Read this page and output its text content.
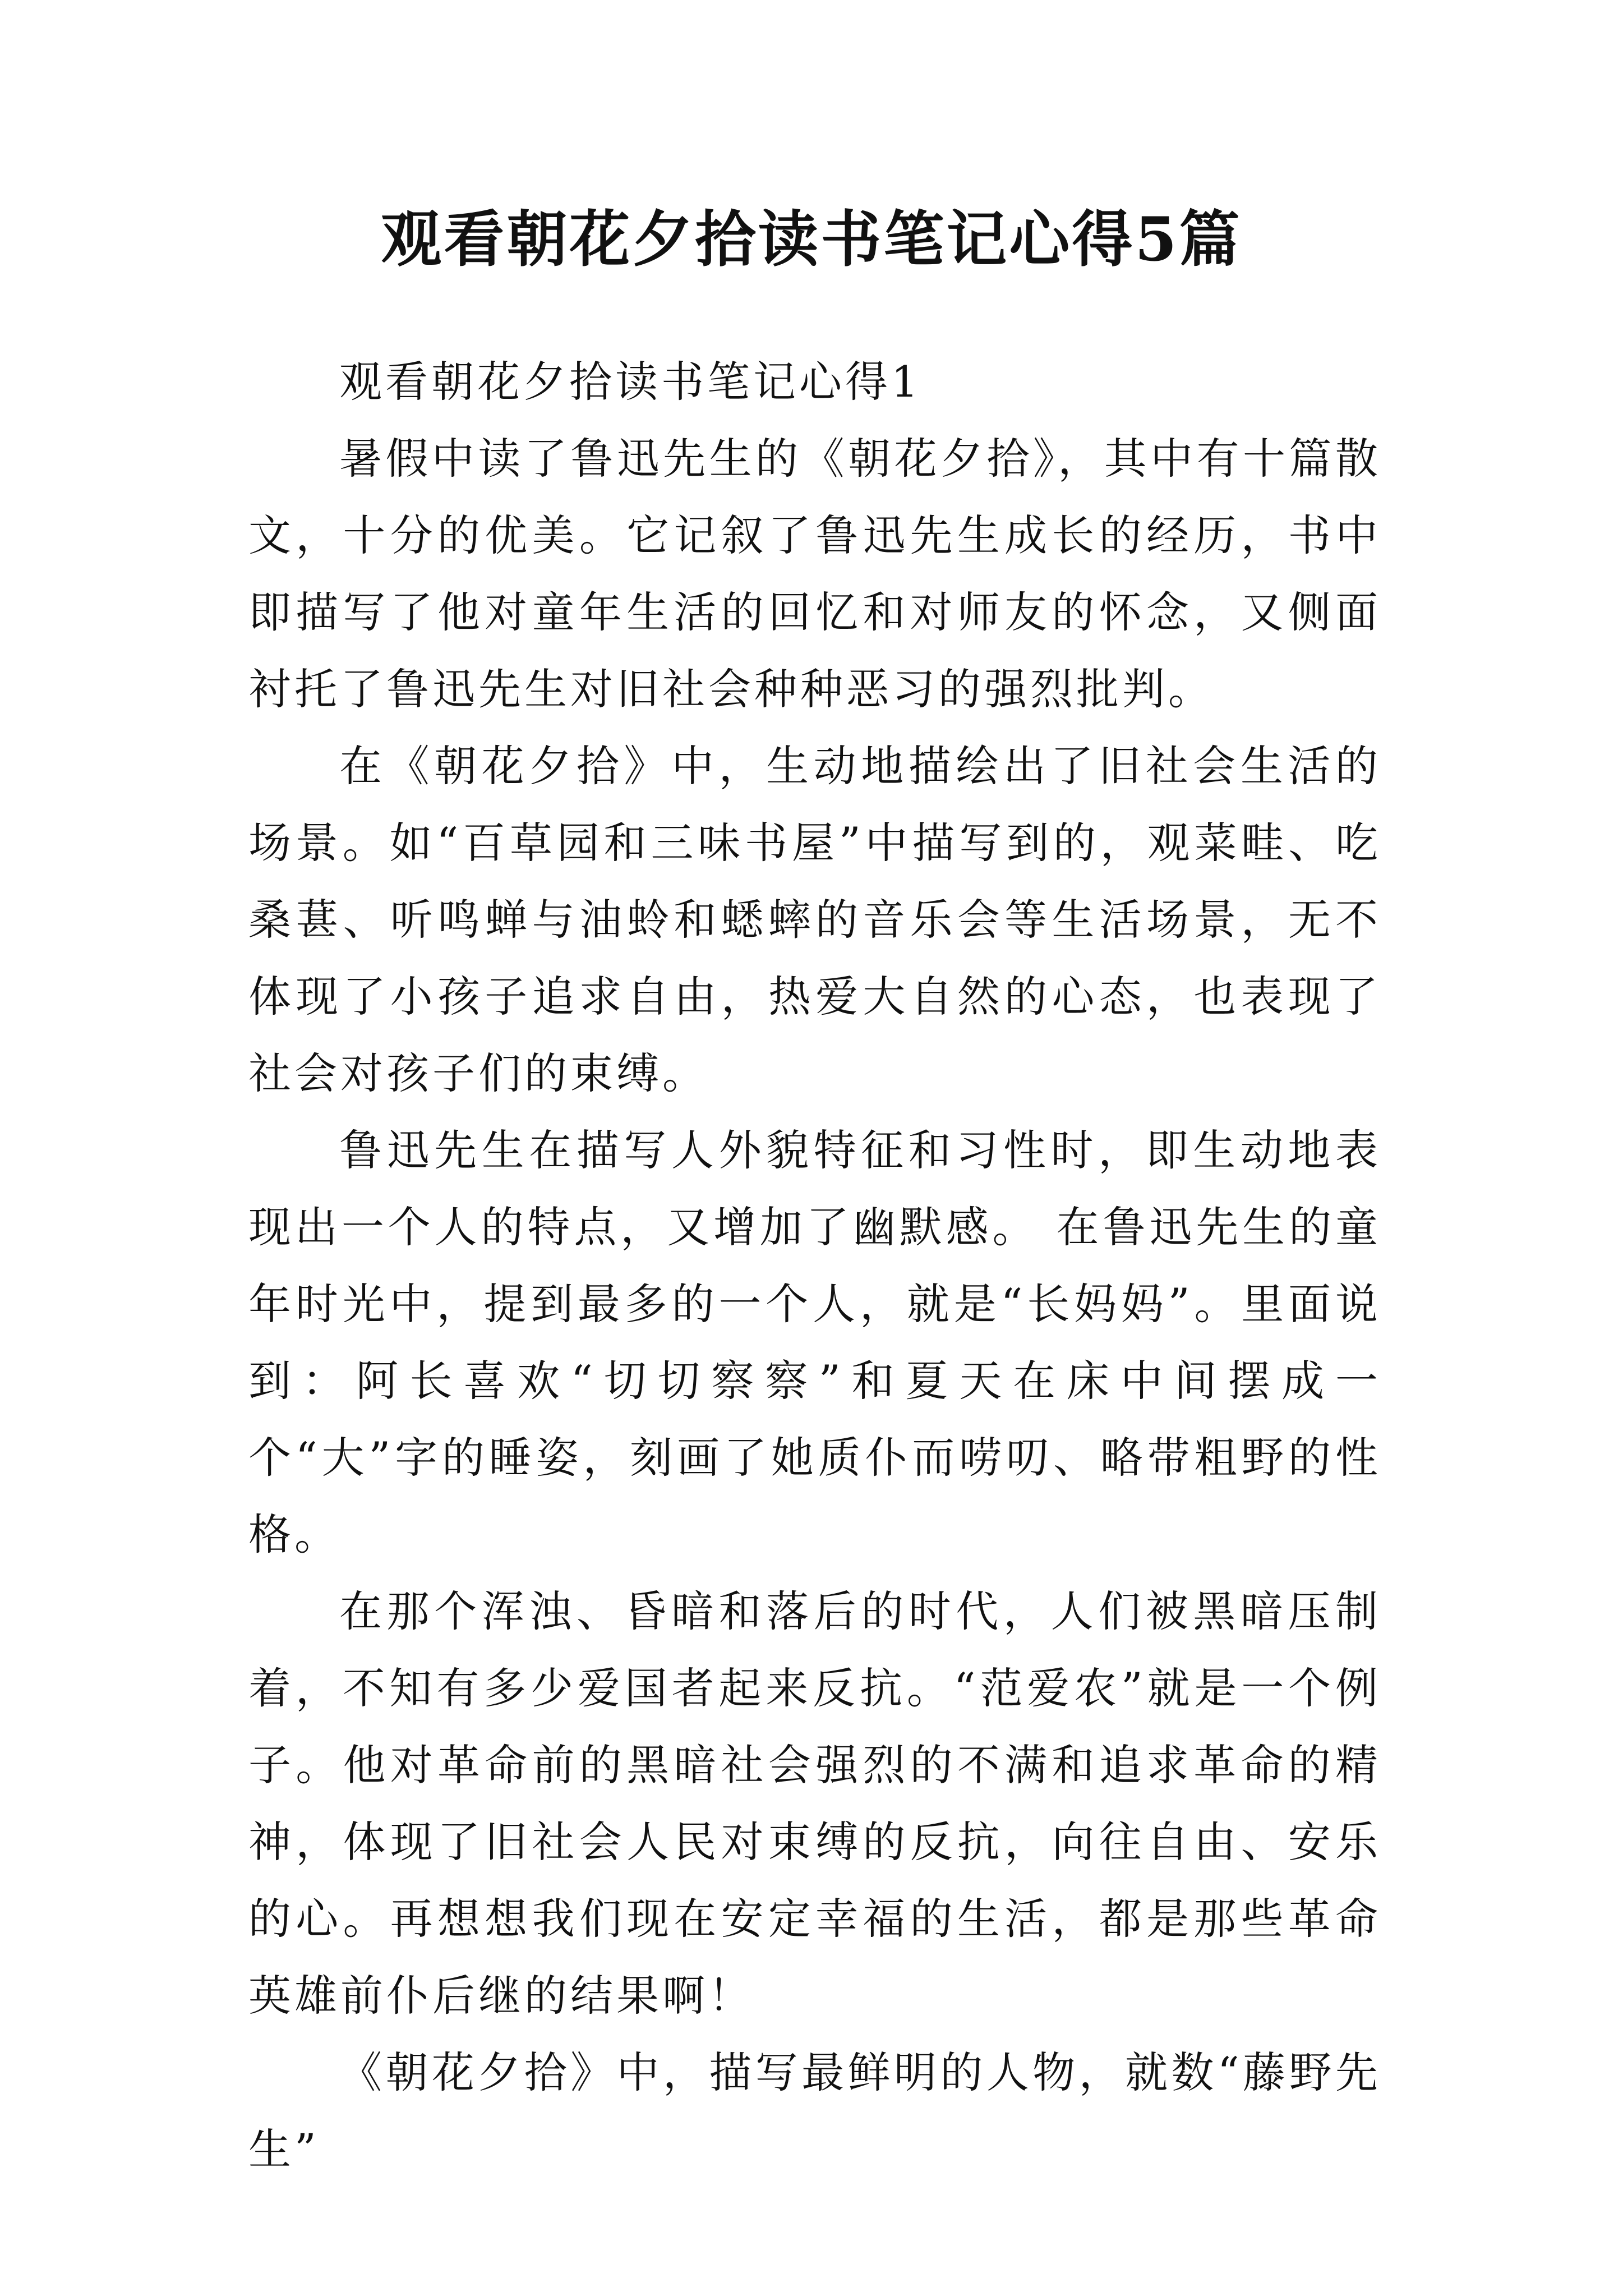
观看朝花夕拾读书笔记心得5篇

观看朝花夕拾读书笔记心得1

暑假中读了鲁迅先生的《朝花夕拾》，其中有十篇散文，十分的优美。它记叙了鲁迅先生成长的经历，书中即描写了他对童年生活的回忆和对师友的怀念，又侧面衬托了鲁迅先生对旧社会种种恶习的强烈批判。

在《朝花夕拾》中，生动地描绘出了旧社会生活的场景。如“百草园和三味书屋”中描写到的，观菜畦、吃桑葚、听鸣蝉与油蛉和蟋蟀的音乐会等生活场景，无不体现了小孩子追求自由，热爱大自然的心态，也表现了社会对孩子们的束缚。

鲁迅先生在描写人外貌特征和习性时，即生动地表现出一个人的特点，又增加了幽默感。 在鲁迅先生的童年时光中，提到最多的一个人，就是“长妈妈”。里面说到：阿长喜欢“切切察察”和夏天在床中间摆成一个“大”字的睡姿，刻画了她质仆而唠叨、略带粗野的性格。

在那个浑浊、昏暗和落后的时代，人们被黑暗压制着，不知有多少爱国者起来反抗。“范爱农”就是一个例子。他对革命前的黑暗社会强烈的不满和追求革命的精神，体现了旧社会人民对束缚的反抗，向往自由、安乐的心。再想想我们现在安定幸福的生活，都是那些革命英雄前仆后继的结果啊！

《朝花夕拾》中，描写最鲜明的人物，就数“藤野先生”
